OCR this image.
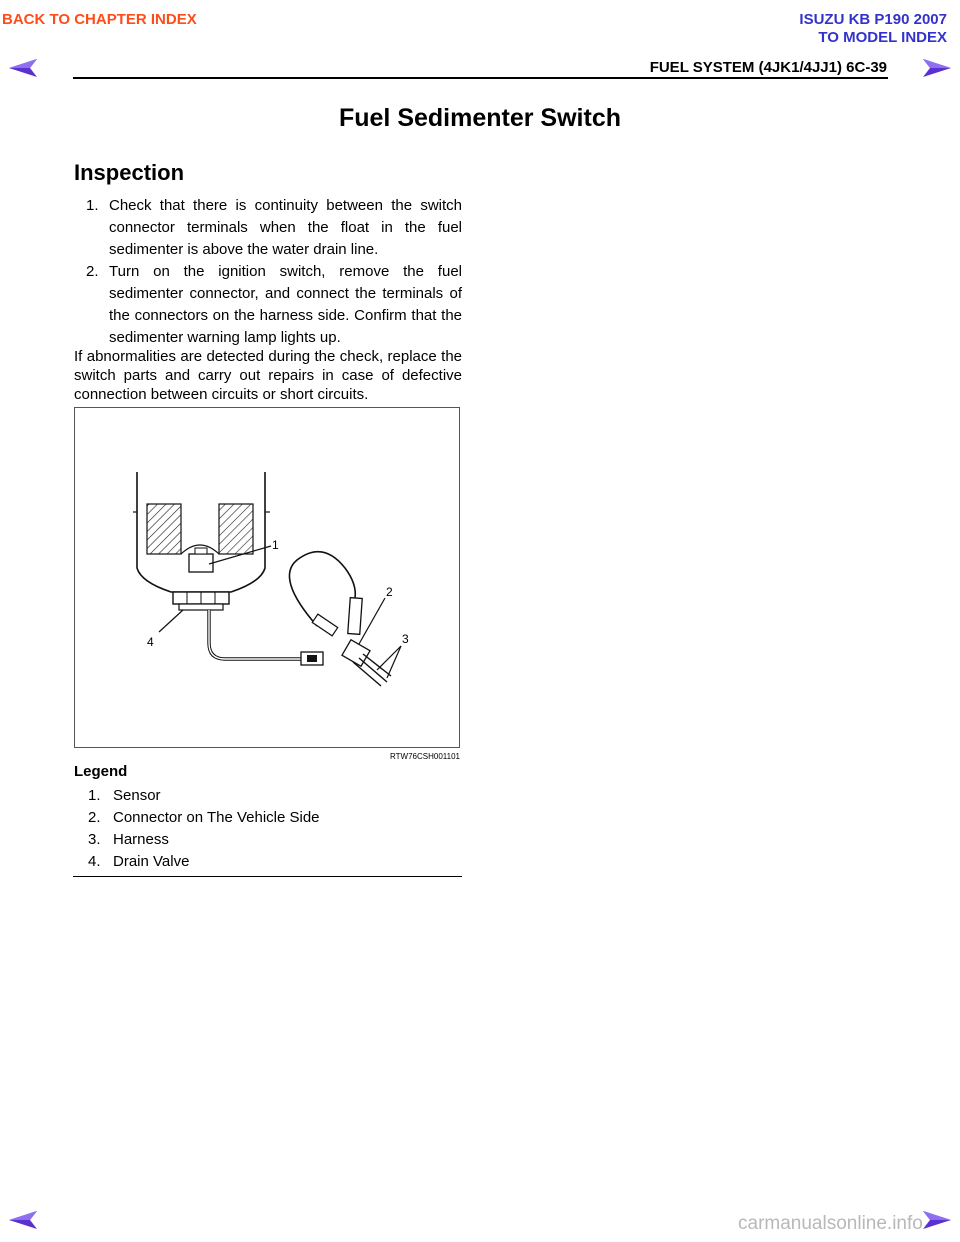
BACK TO CHAPTER INDEX	ISUZU KB P190 2007
TO MODEL INDEX
FUEL SYSTEM (4JK1/4JJ1) 6C-39
Fuel Sedimenter Switch
Inspection
1. Check that there is continuity between the switch connector terminals when the float in the fuel sedimenter is above the water drain line.
2. Turn on the ignition switch, remove the fuel sedimenter connector, and connect the terminals of the connectors on the harness side. Confirm that the sedimenter warning lamp lights up.
If abnormalities are detected during the check, replace the switch parts and carry out repairs in case of defective connection between circuits or short circuits.
1
2
3
4
RTW76CSH001101
Legend
1. Sensor
2. Connector on The Vehicle Side
3. Harness
4. Drain Valve
carmanualsonline.info
